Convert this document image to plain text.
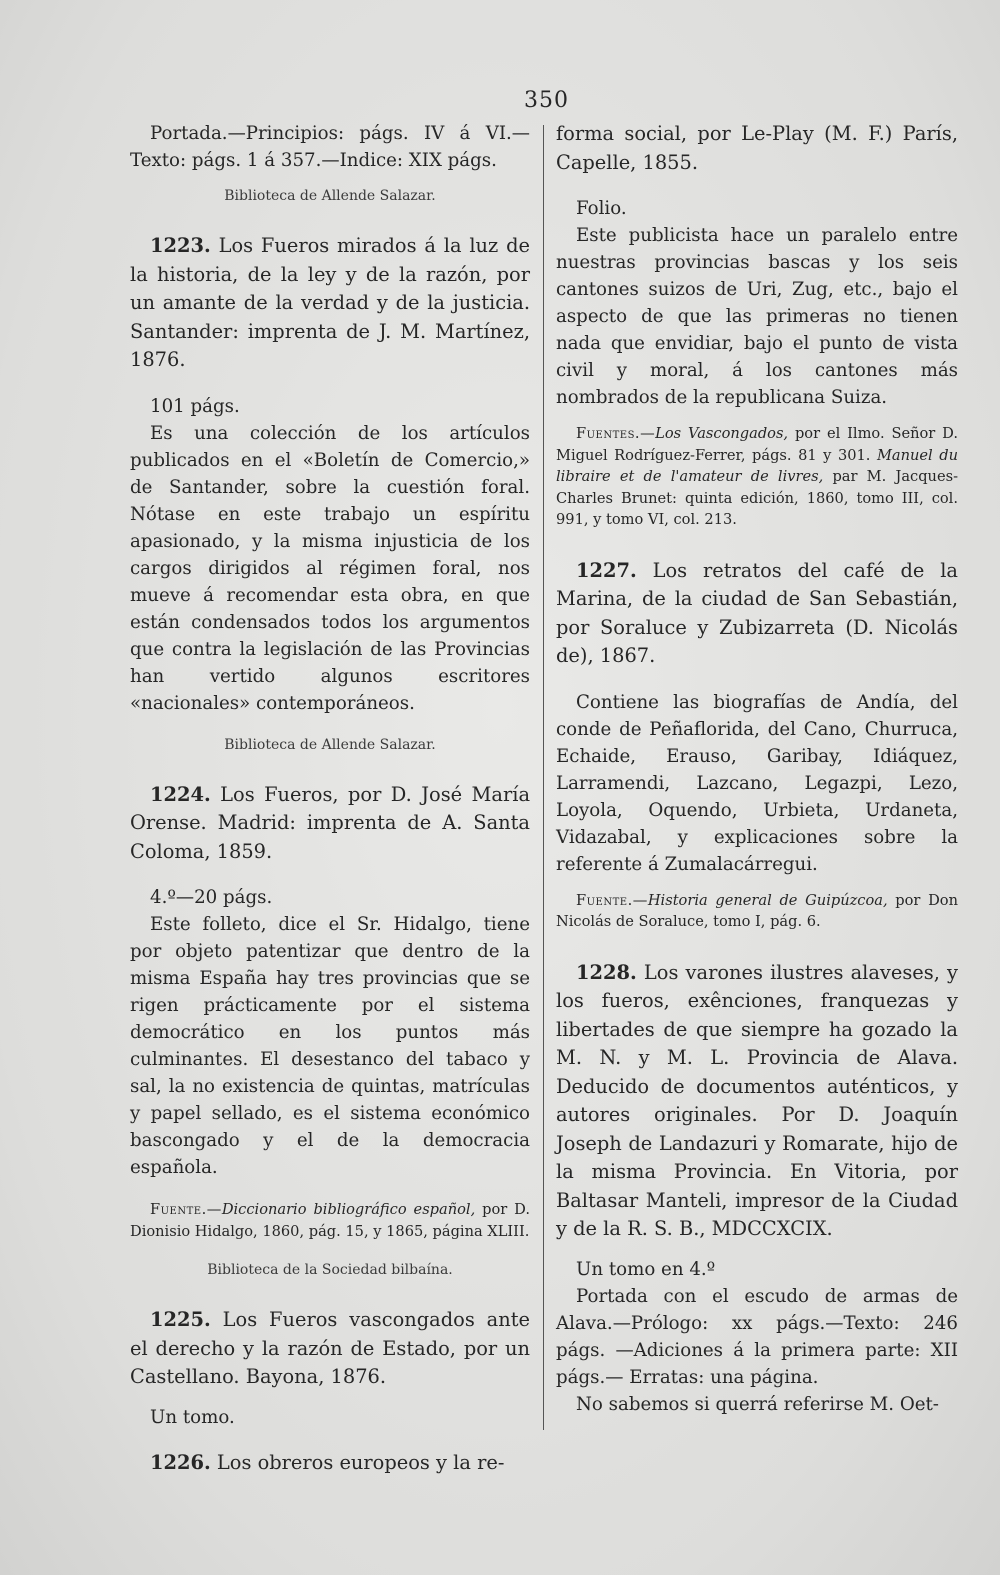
350

Portada.—Principios: págs. IV á VI.— Texto: págs. 1 á 357.—Indice: XIX págs.

Biblioteca de Allende Salazar.

1223. Los Fueros mirados á la luz de la historia, de la ley y de la razón, por un amante de la verdad y de la justicia. Santander: imprenta de J. M. Martínez, 1876.

101 págs.

Es una colección de los artículos publicados en el «Boletín de Comercio,» de Santander, sobre la cuestión foral. Nótase en este trabajo un espíritu apasionado, y la misma injusticia de los cargos dirigidos al régimen foral, nos mueve á recomendar esta obra, en que están condensados todos los argumentos que contra la legislación de las Provincias han vertido algunos escritores «nacionales» contemporáneos.

Biblioteca de Allende Salazar.

1224. Los Fueros, por D. José María Orense. Madrid: imprenta de A. Santa Coloma, 1859.

4.º—20 págs.

Este folleto, dice el Sr. Hidalgo, tiene por objeto patentizar que dentro de la misma España hay tres provincias que se rigen prácticamente por el sistema democrático en los puntos más culminantes. El desestanco del tabaco y sal, la no existencia de quintas, matrículas y papel sellado, es el sistema económico bascongado y el de la democracia española.

Fuente.—Diccionario bibliográfico español, por D. Dionisio Hidalgo, 1860, pág. 15, y 1865, página XLIII.

Biblioteca de la Sociedad bilbaína.

1225. Los Fueros vascongados ante el derecho y la razón de Estado, por un Castellano. Bayona, 1876.

Un tomo.

1226. Los obreros europeos y la re-

forma social, por Le-Play (M. F.) París, Capelle, 1855.

Folio.

Este publicista hace un paralelo entre nuestras provincias bascas y los seis cantones suizos de Uri, Zug, etc., bajo el aspecto de que las primeras no tienen nada que envidiar, bajo el punto de vista civil y moral, á los cantones más nombrados de la republicana Suiza.

Fuentes.—Los Vascongados, por el Ilmo. Señor D. Miguel Rodríguez-Ferrer, págs. 81 y 301. Manuel du libraire et de l'amateur de livres, par M. Jacques-Charles Brunet: quinta edición, 1860, tomo III, col. 991, y tomo VI, col. 213.

1227. Los retratos del café de la Marina, de la ciudad de San Sebastián, por Soraluce y Zubizarreta (D. Nicolás de), 1867.

Contiene las biografías de Andía, del conde de Peñaflorida, del Cano, Churruca, Echaide, Erauso, Garibay, Idiáquez, Larramendi, Lazcano, Legazpi, Lezo, Loyola, Oquendo, Urbieta, Urdaneta, Vidazabal, y explicaciones sobre la referente á Zumalacárregui.

Fuente.—Historia general de Guipúzcoa, por Don Nicolás de Soraluce, tomo I, pág. 6.

1228. Los varones ilustres alaveses, y los fueros, exênciones, franquezas y libertades de que siempre ha gozado la M. N. y M. L. Provincia de Alava. Deducido de documentos auténticos, y autores originales. Por D. Joaquín Joseph de Landazuri y Romarate, hijo de la misma Provincia. En Vitoria, por Baltasar Manteli, impresor de la Ciudad y de la R. S. B., MDCCXCIX.

Un tomo en 4.º

Portada con el escudo de armas de Alava.—Prólogo: xx págs.—Texto: 246 págs. —Adiciones á la primera parte: XII págs.— Erratas: una página.

No sabemos si querrá referirse M. Oet-
